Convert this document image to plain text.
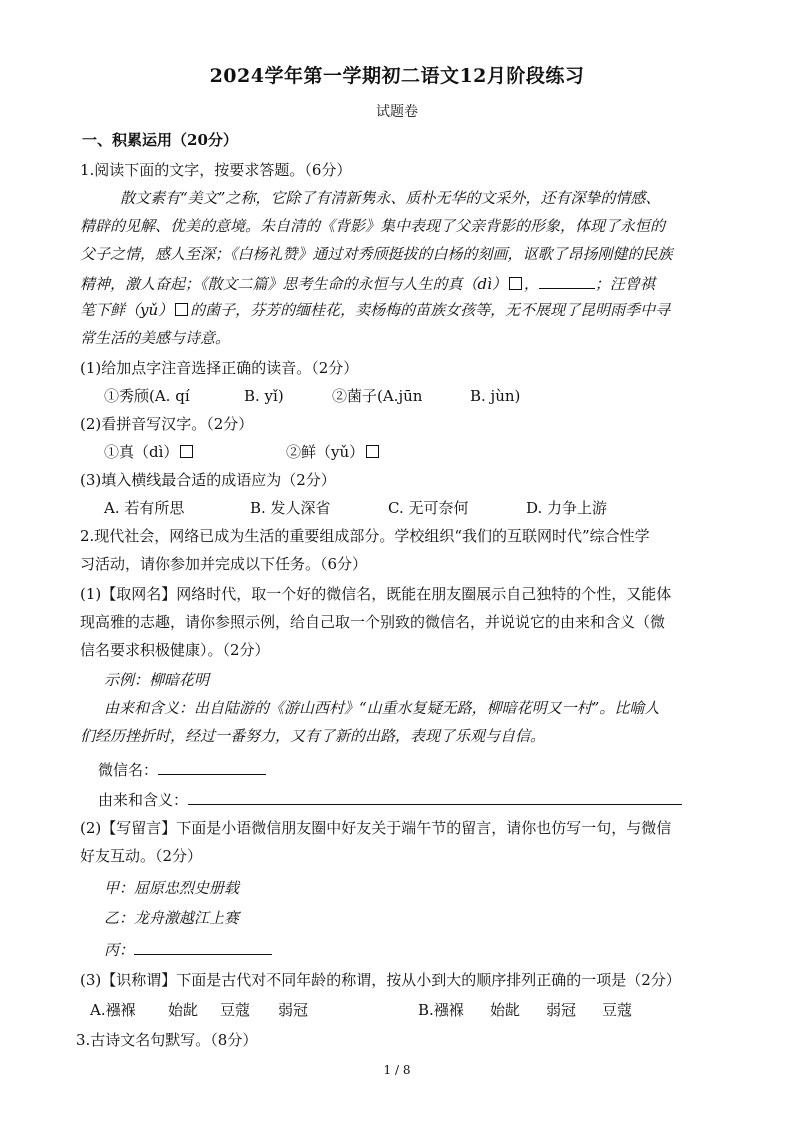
2024学年第一学期初二语文12月阶段练习
试题卷
一、积累运用（20分）
1.阅读下面的文字，按要求答题。（6分）
散文素有“美文”之称，它除了有清新隽永、质朴无华的文采外，还有深挚的情感、
精辟的见解、优美的意境。朱自清的《背影》集中表现了父亲背影的形象，体现了永恒的
父子之情，感人至深；《白杨礼赞》通过对秀颀挺拔的白杨的刻画，讴歌了昂扬刚健的民族
精神，激人奋起；《散文二篇》思考生命的永恒与人生的真（dì） ，	；汪曾祺
笔下鲜（yǔ） 的菌子，芬芳的缅桂花，卖杨梅的苗族女孩等，无不展现了昆明雨季中寻
常生活的美感与诗意。
(1)给加点字注音选择正确的读音。（2分）
①秀颀(A. qí	B. yǐ)	②菌子(A.jūn	B. jùn)
(2)看拼音写汉字。（2分）
①真（dì）	②鲜（yǔ）
(3)填入横线最合适的成语应为（2分）
A. 若有所思	B. 发人深省	C. 无可奈何	D. 力争上游
2.现代社会，网络已成为生活的重要组成部分。学校组织“我们的互联网时代”综合性学
习活动，请你参加并完成以下任务。（6分）
(1)【取网名】网络时代，取一个好的微信名，既能在朋友圈展示自己独特的个性，又能体
现高雅的志趣，请你参照示例，给自己取一个别致的微信名，并说说它的由来和含义（微
信名要求积极健康）。（2分）
示例：柳暗花明
由来和含义：出自陆游的《游山西村》“山重水复疑无路，柳暗花明又一村”。比喻人
们经历挫折时，经过一番努力，又有了新的出路，表现了乐观与自信。
微信名：
由来和含义：
(2)【写留言】下面是小语微信朋友圈中好友关于端午节的留言，请你也仿写一句，与微信
好友互动。（2分）
甲：屈原忠烈史册载
乙：龙舟激越江上赛
丙：
(3)【识称谓】下面是古代对不同年龄的称谓，按从小到大的顺序排列正确的一项是（2分）
A.襁褓 始龀 豆蔻 弱冠	B.襁褓 始龀 弱冠 豆蔻
3.古诗文名句默写。（8分）
1 / 8
